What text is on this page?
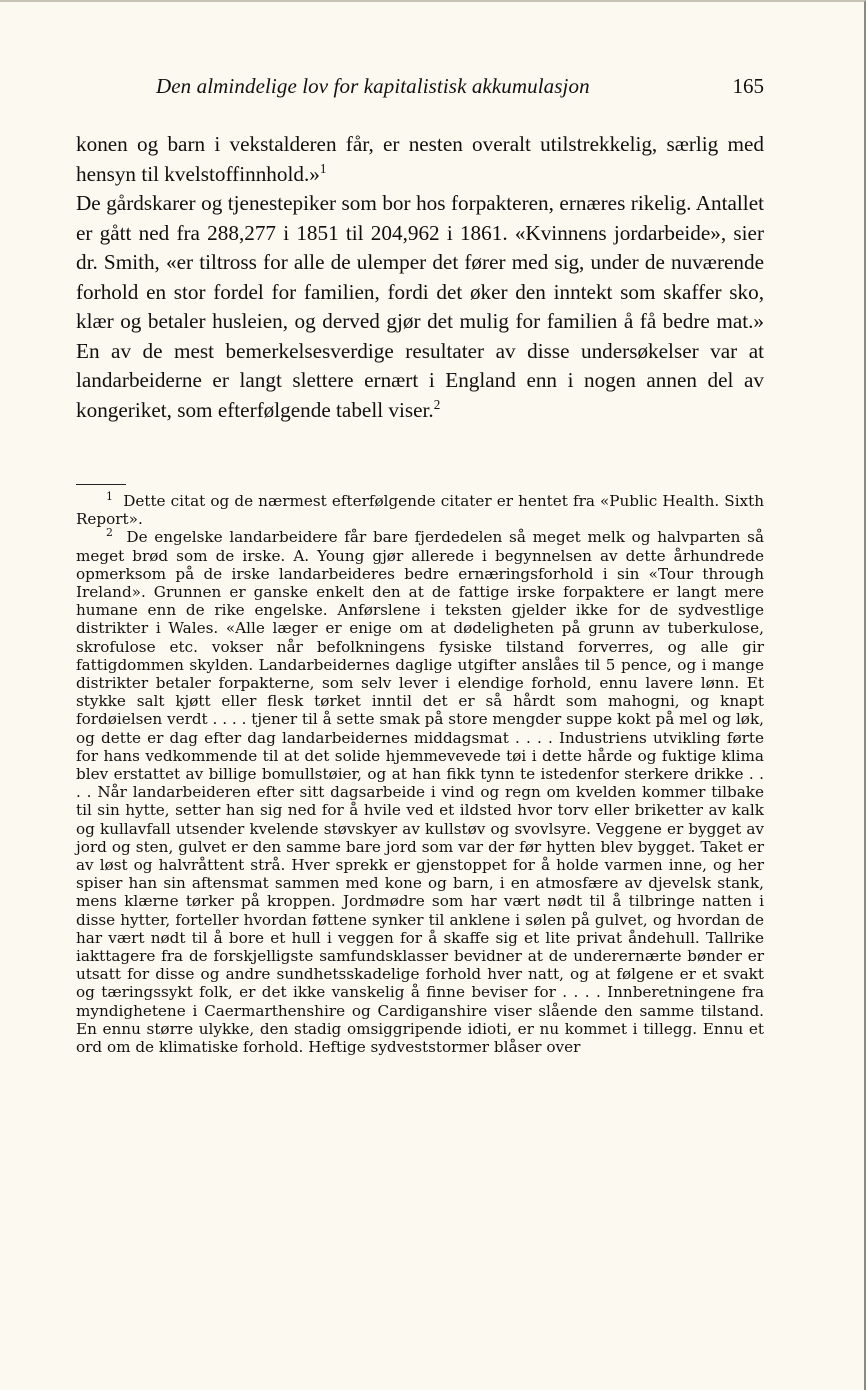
Den almindelige lov for kapitalistisk akkumulasjon	165

konen og barn i vekstalderen får, er nesten overalt utilstrekkelig, særlig med hensyn til kvelstoffinnhold.»$^1$

De gårdskarer og tjenestepiker som bor hos forpakteren, ernæres rikelig. Antallet er gått ned fra 288,277 i 1851 til 204,962 i 1861. «Kvinnens jordarbeide», sier dr. Smith, «er tiltross for alle de ulemper det fører med sig, under de nuværende forhold en stor fordel for familien, fordi det øker den inntekt som skaffer sko, klær og betaler husleien, og derved gjør det mulig for familien å få bedre mat.» En av de mest bemerkelsesverdige resultater av disse undersøkelser var at landarbeiderne er langt slettere ernært i England enn i nogen annen del av kongeriket, som efterfølgende tabell viser.$^2$

$^1$ Dette citat og de nærmest efterfølgende citater er hentet fra «Public Health. Sixth Report».

$^2$ De engelske landarbeidere får bare fjerdedelen så meget melk og halvparten så meget brød som de irske. A. Young gjør allerede i begynnelsen av dette århundrede opmerksom på de irske landarbeideres bedre ernæringsforhold i sin «Tour through Ireland». Grunnen er ganske enkelt den at de fattige irske forpaktere er langt mere humane enn de rike engelske. Anførslene i teksten gjelder ikke for de sydvestlige distrikter i Wales. «Alle læger er enige om at dødeligheten på grunn av tuberkulose, skrofulose etc. vokser når befolkningens fysiske tilstand forverres, og alle gir fattigdommen skylden. Landarbeidernes daglige utgifter anslåes til 5 pence, og i mange distrikter betaler forpakterne, som selv lever i elendige forhold, ennu lavere lønn. Et stykke salt kjøtt eller flesk tørket inntil det er så hårdt som mahogni, og knapt fordøielsen verdt . . . . tjener til å sette smak på store mengder suppe kokt på mel og løk, og dette er dag efter dag landarbeidernes middagsmat . . . . Industriens utvikling førte for hans vedkommende til at det solide hjemmevevede tøi i dette hårde og fuktige klima blev erstattet av billige bomullstøier, og at han fikk tynn te istedenfor sterkere drikke . . . . Når landarbeideren efter sitt dagsarbeide i vind og regn om kvelden kommer tilbake til sin hytte, setter han sig ned for å hvile ved et ildsted hvor torv eller briketter av kalk og kullavfall utsender kvelende støvskyer av kullstøv og svovlsyre. Veggene er bygget av jord og sten, gulvet er den samme bare jord som var der før hytten blev bygget. Taket er av løst og halvråttent strå. Hver sprekk er gjenstoppet for å holde varmen inne, og her spiser han sin aftensmat sammen med kone og barn, i en atmosfære av djevelsk stank, mens klærne tørker på kroppen. Jordmødre som har vært nødt til å tilbringe natten i disse hytter, forteller hvordan føttene synker til anklene i sølen på gulvet, og hvordan de har vært nødt til å bore et hull i veggen for å skaffe sig et lite privat åndehull. Tallrike iakttagere fra de forskjelligste samfundsklasser bevidner at de underernærte bønder er utsatt for disse og andre sundhetsskadelige forhold hver natt, og at følgene er et svakt og tæringssykt folk, er det ikke vanskelig å finne beviser for . . . . Innberetningene fra myndighetene i Caermarthenshire og Cardiganshire viser slående den samme tilstand. En ennu større ulykke, den stadig omsiggripende idioti, er nu kommet i tillegg. Ennu et ord om de klimatiske forhold. Heftige sydveststormer blåser over
